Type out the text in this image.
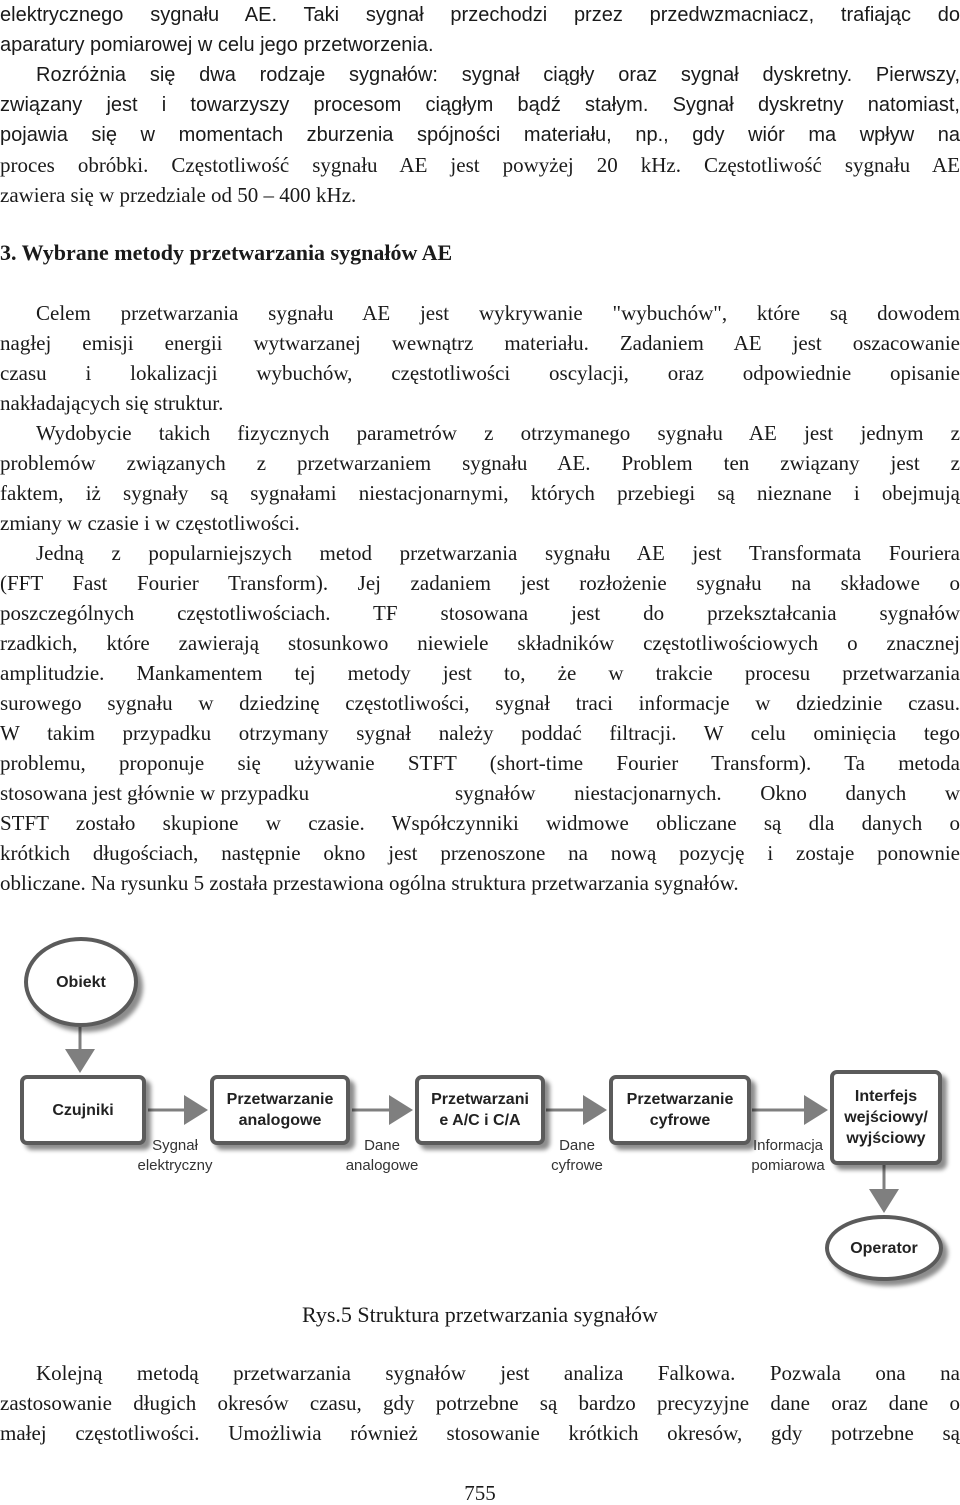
elektrycznego sygnału AE. Taki sygnał przechodzi przez przedwzmacniacz, trafiając do

aparatury pomiarowej w celu jego przetworzenia.

Rozróżnia się dwa rodzaje sygnałów: sygnał ciągły oraz sygnał dyskretny. Pierwszy,

związany jest i towarzyszy procesom ciągłym bądź stałym. Sygnał dyskretny natomiast,

pojawia się w momentach zburzenia spójności materiału, np., gdy wiór ma wpływ na

proces obróbki. Częstotliwość sygnału AE jest powyżej 20 kHz. Częstotliwość sygnału AE

zawiera się w przedziale od 50 – 400 kHz.

3. Wybrane metody przetwarzania sygnałów AE

Celem przetwarzania sygnału AE jest wykrywanie "wybuchów", które są dowodem

nagłej emisji energii wytwarzanej wewnątrz materiału. Zadaniem AE jest oszacowanie

czasu i lokalizacji wybuchów, częstotliwości oscylacji, oraz odpowiednie opisanie

nakładających się struktur.

Wydobycie takich fizycznych parametrów z otrzymanego sygnału AE jest jednym z

problemów związanych z przetwarzaniem sygnału AE. Problem ten związany jest z

faktem, iż sygnały są sygnałami niestacjonarnymi, których przebiegi są nieznane i obejmują

zmiany w czasie i w częstotliwości.

Jedną z popularniejszych metod przetwarzania sygnału AE jest Transformata Fouriera

(FFT Fast Fourier Transform). Jej zadaniem jest rozłożenie sygnału na składowe o

poszczególnych częstotliwościach. TF stosowana jest do przekształcania sygnałów

rzadkich, które zawierają stosunkowo niewiele składników częstotliwościowych o znacznej

amplitudzie. Mankamentem tej metody jest to, że w trakcie procesu przetwarzania

surowego sygnału w dziedzinę częstotliwości, sygnał traci informacje w dziedzinie czasu.

W takim przypadku otrzymany sygnał należy poddać filtracji. W celu ominięcia tego

problemu, proponuje się używanie STFT (short-time Fourier Transform). Ta metoda

stosowana jest głównie w przypadku	sygnałów niestacjonarnych. Okno danych w

STFT zostało skupione w czasie. Współczynniki widmowe obliczane są dla danych o

krótkich długościach, następnie okno jest przenoszone na nową pozycję i zostaje ponownie

obliczane. Na rysunku 5 została przestawiona ogólna struktura przetwarzania sygnałów.

Obiekt
Czujniki
Przetwarzanie
analogowe
Przetwarzani
e A/C i C/A
Przetwarzanie
cyfrowe
Interfejs
wejściowy/
wyjściowy
Operator
Sygnał
elektryczny
Dane
analogowe
Dane
cyfrowe
Informacja
pomiarowa
Rys.5 Struktura przetwarzania sygnałów

Kolejną metodą przetwarzania sygnałów jest analiza Falkowa. Pozwala ona na

zastosowanie długich okresów czasu, gdy potrzebne są bardzo precyzyjne dane oraz dane o

małej częstotliwości. Umożliwia również stosowanie krótkich okresów, gdy potrzebne są

755
